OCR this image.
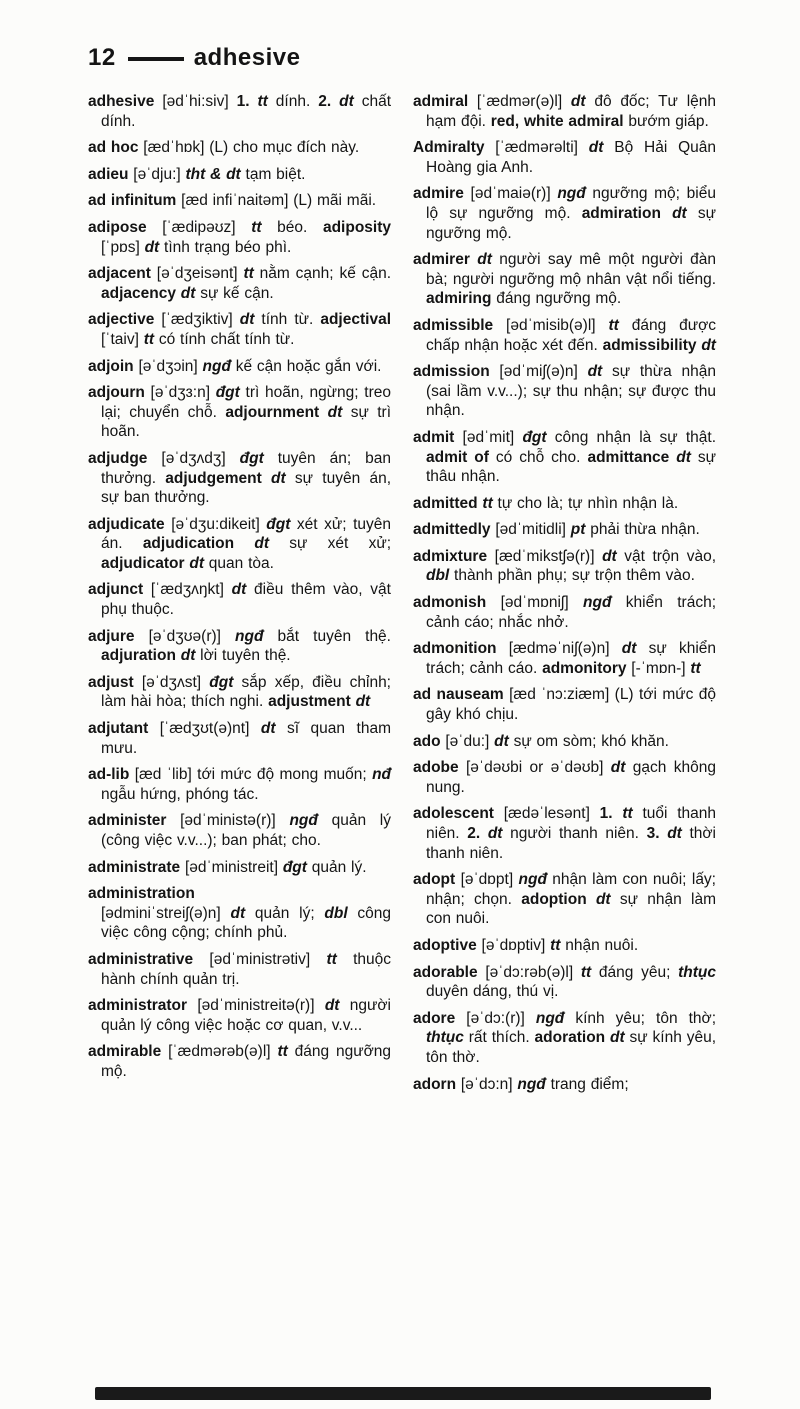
12	adhesive
adhesive [ədˈhi:siv] 1. tt dính. 2. dt chất dính.
ad hoc [ædˈhɒk] (L) cho mục đích này.
adieu [əˈdju:] tht & dt tạm biệt.
ad infinitum [æd infiˈnaitəm] (L) mãi mãi.
adipose [ˈædipəʊz] tt béo. adiposity [ˈpɒs] dt tình trạng béo phì.
adjacent [əˈdʒeisənt] tt nằm cạnh; kế cận. adjacency dt sự kế cận.
adjective [ˈædʒiktiv] dt tính từ. adjectival [ˈtaiv] tt có tính chất tính từ.
adjoin [əˈdʒɔin] ngđ kế cận hoặc gắn với.
adjourn [əˈdʒɜ:n] đgt trì hoãn, ngừng; treo lại; chuyển chỗ. adjournment dt sự trì hoãn.
adjudge [əˈdʒʌdʒ] đgt tuyên án; ban thưởng. adjudgement dt sự tuyên án, sự ban thưởng.
adjudicate [əˈdʒu:dikeit] đgt xét xử; tuyên án. adjudication dt sự xét xử; adjudicator dt quan tòa.
adjunct [ˈædʒʌŋkt] dt điều thêm vào, vật phụ thuộc.
adjure [əˈdʒʊə(r)] ngđ bắt tuyên thệ. adjuration dt lời tuyên thệ.
adjust [əˈdʒʌst] đgt sắp xếp, điều chỉnh; làm hài hòa; thích nghi. adjustment dt
adjutant [ˈædʒʊt(ə)nt] dt sĩ quan tham mưu.
ad-lib [æd ˈlib] tới mức độ mong muốn; nđ ngẫu hứng, phóng tác.
administer [ədˈministə(r)] ngđ quản lý (công việc v.v...); ban phát; cho.
administrate [ədˈministreit] đgt quản lý.
administration
[ədminiˈstreiʃ(ə)n] dt quản lý; dbl công việc công cộng; chính phủ.
administrative [ədˈministrətiv] tt thuộc hành chính quản trị.
administrator [ədˈministreitə(r)] dt người quản lý công việc hoặc cơ quan, v.v...
admirable [ˈædmərəb(ə)l] tt đáng ngưỡng mộ.
admiral [ˈædmər(ə)l] dt đô đốc; Tư lệnh hạm đội. red, white admiral bướm giáp.
Admiralty [ˈædmərəlti] dt Bộ Hải Quân Hoàng gia Anh.
admire [ədˈmaiə(r)] ngđ ngưỡng mộ; biểu lộ sự ngưỡng mộ. admiration dt sự ngưỡng mộ.
admirer dt người say mê một người đàn bà; người ngưỡng mộ nhân vật nổi tiếng. admiring đáng ngưỡng mộ.
admissible [ədˈmisib(ə)l] tt đáng được chấp nhận hoặc xét đến. admissibility dt
admission [ədˈmiʃ(ə)n] dt sự thừa nhận (sai lầm v.v...); sự thu nhận; sự được thu nhận.
admit [ədˈmit] đgt công nhận là sự thật. admit of có chỗ cho. admittance dt sự thâu nhận.
admitted tt tự cho là; tự nhìn nhận là.
admittedly [ədˈmitidli] pt phải thừa nhận.
admixture [ædˈmikstʃə(r)] dt vật trộn vào, dbl thành phần phụ; sự trộn thêm vào.
admonish [ədˈmɒniʃ] ngđ khiển trách; cảnh cáo; nhắc nhở.
admonition [ædməˈniʃ(ə)n] dt sự khiển trách; cảnh cáo. admonitory [-ˈmɒn-] tt
ad nauseam [æd ˈnɔ:ziæm] (L) tới mức độ gây khó chịu.
ado [əˈdu:] dt sự om sòm; khó khăn.
adobe [əˈdəʊbi or əˈdəʊb] dt gạch không nung.
adolescent [ædəˈlesənt] 1. tt tuổi thanh niên. 2. dt người thanh niên. 3. dt thời thanh niên.
adopt [əˈdɒpt] ngđ nhận làm con nuôi; lấy; nhận; chọn. adoption dt sự nhận làm con nuôi.
adoptive [əˈdɒptiv] tt nhận nuôi.
adorable [əˈdɔ:rəb(ə)l] tt đáng yêu; thtục duyên dáng, thú vị.
adore [əˈdɔ:(r)] ngđ kính yêu; tôn thờ; thtục rất thích. adoration dt sự kính yêu, tôn thờ.
adorn [əˈdɔ:n] ngđ trang điểm;
